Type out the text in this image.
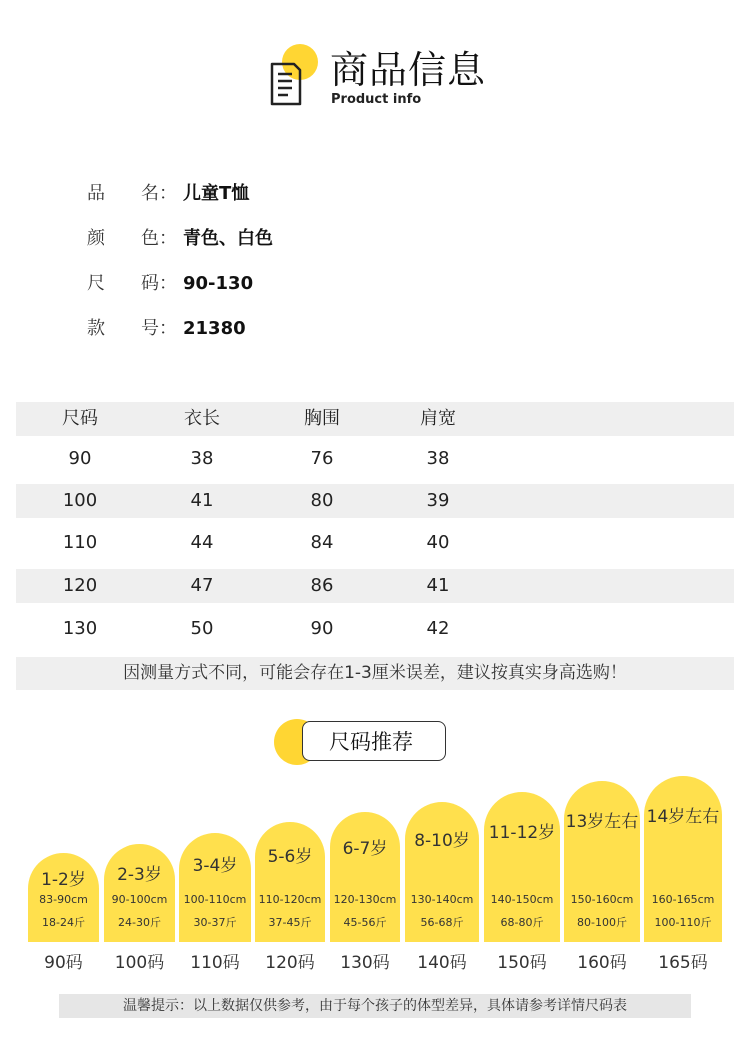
商品信息
Product info
品 名： 儿童T恤
颜 色： 青色、白色
尺 码： 90-130
款 号： 21380
尺码	衣长	胸围	肩宽
90	38	76	38
100	41	80	39
110	44	84	40
120	47	86	41
130	50	90	42
因测量方式不同，可能会存在1-3厘米误差，建议按真实身高选购！
尺码推荐
1-2岁
83-90cm
18-24斤
2-3岁
90-100cm
24-30斤
3-4岁
100-110cm
30-37斤
5-6岁
110-120cm
37-45斤
6-7岁
120-130cm
45-56斤
8-10岁
130-140cm
56-68斤
11-12岁
140-150cm
68-80斤
13岁左右
150-160cm
80-100斤
14岁左右
160-165cm
100-110斤
90码	100码	110码	120码	130码	140码	150码	160码	165码
温馨提示：以上数据仅供参考，由于每个孩子的体型差异，具体请参考详情尺码表
